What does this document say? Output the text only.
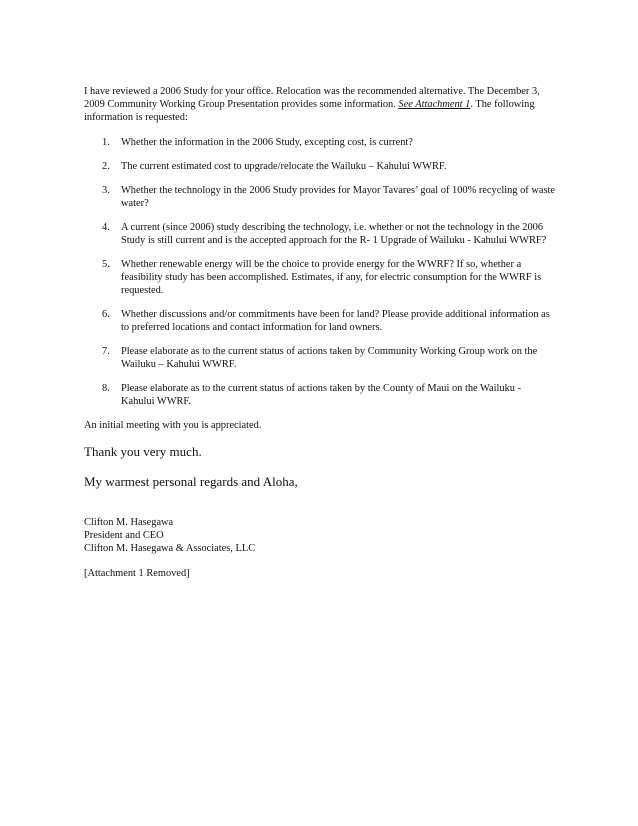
I have reviewed a 2006 Study for your office. Relocation was the recommended alternative. The December 3, 2009 Community Working Group Presentation provides some information. See Attachment 1. The following information is requested:

1. Whether the information in the 2006 Study, excepting cost, is current?
2. The current estimated cost to upgrade/relocate the Wailuku – Kahului WWRF.
3. Whether the technology in the 2006 Study provides for Mayor Tavares’ goal of 100% recycling of waste water?
4. A current (since 2006) study describing the technology, i.e. whether or not the technology in the 2006 Study is still current and is the accepted approach for the R- 1 Upgrade of Wailuku - Kahului WWRF?
5. Whether renewable energy will be the choice to provide energy for the WWRF? If so, whether a feasibility study has been accomplished. Estimates, if any, for electric consumption for the WWRF is requested.
6. Whether discussions and/or commitments have been for land? Please provide additional information as to preferred locations and contact information for land owners.
7. Please elaborate as to the current status of actions taken by Community Working Group work on the Wailuku – Kahului WWRF.
8. Please elaborate as to the current status of actions taken by the County of Maui on the Wailuku - Kahului WWRF.

An initial meeting with you is appreciated.

Thank you very much.

My warmest personal regards and Aloha,

Clifton M. Hasegawa
President and CEO
Clifton M. Hasegawa & Associates, LLC
[Attachment 1 Removed]
